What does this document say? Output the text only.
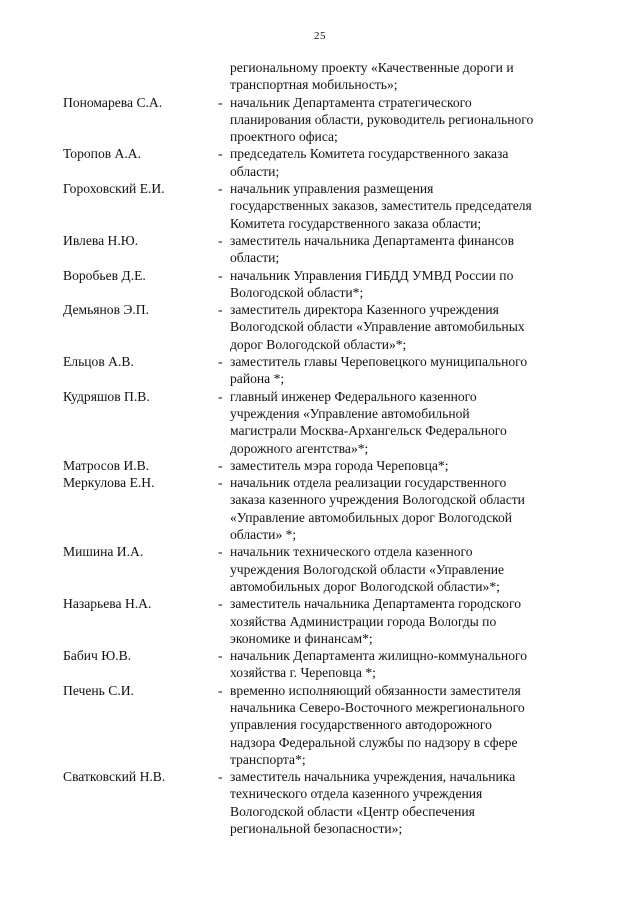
25
региональному проекту «Качественные дороги и
транспортная мобильность»;
Пономарева С.А.	- начальник Департамента стратегического
планирования области, руководитель регионального
проектного офиса;
Торопов А.А.	- председатель Комитета государственного заказа
области;
Гороховский Е.И.	- начальник управления размещения
государственных заказов, заместитель председателя
Комитета государственного заказа области;
Ивлева Н.Ю.	- заместитель начальника Департамента финансов
области;
Воробьев Д.Е.	- начальник Управления ГИБДД УМВД России по
Вологодской области*;
Демьянов Э.П.	- заместитель директора Казенного учреждения
Вологодской области «Управление автомобильных
дорог Вологодской области»*;
Ельцов А.В.	- заместитель главы Череповецкого муниципального
района *;
Кудряшов П.В.	- главный инженер Федерального казенного
учреждения «Управление автомобильной
магистрали Москва-Архангельск Федерального
дорожного агентства»*;
Матросов И.В.	- заместитель мэра города Череповца*;
Меркулова Е.Н.	- начальник отдела реализации государственного
заказа казенного учреждения Вологодской области
«Управление автомобильных дорог Вологодской
области» *;
Мишина И.А.	- начальник технического отдела казенного
учреждения Вологодской области «Управление
автомобильных дорог Вологодской области»*;
Назарьева Н.А.	- заместитель начальника Департамента городского
хозяйства Администрации города Вологды по
экономике и финансам*;
Бабич Ю.В.	- начальник Департамента жилищно-коммунального
хозяйства г. Череповца *;
Печень С.И.	- временно исполняющий обязанности заместителя
начальника Северо-Восточного межрегионального
управления государственного автодорожного
надзора Федеральной службы по надзору в сфере
транспорта*;
Сватковский Н.В.	- заместитель начальника учреждения, начальника
технического отдела казенного учреждения
Вологодской области «Центр обеспечения
региональной безопасности»;
